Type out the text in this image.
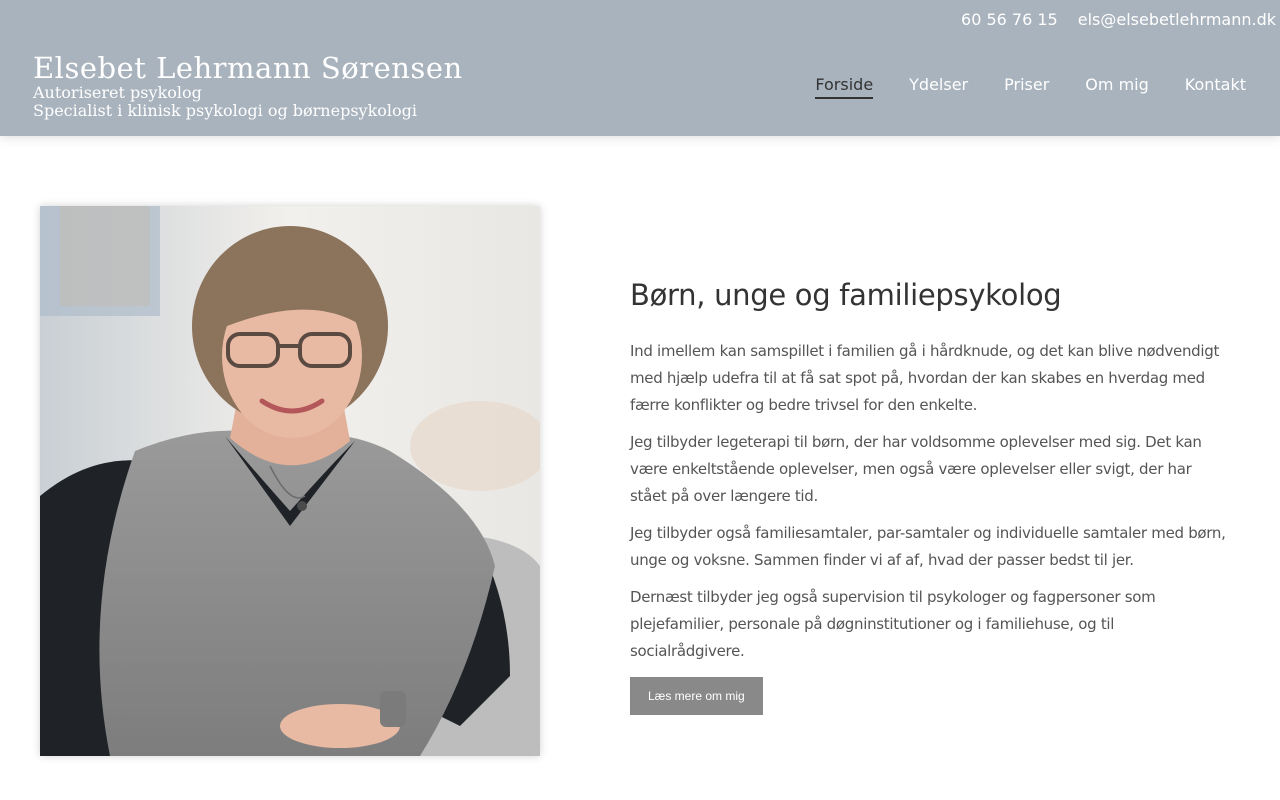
60 56 76 15 els@elsebetlehrmann.dk
Elsebet Lehrmann Sørensen
Autoriseret psykolog
Specialist i klinisk psykologi og børnepsykologi
Forside Ydelser Priser Om mig Kontakt
Børn, unge og familiepsykolog

Ind imellem kan samspillet i familien gå i hårdknude, og det kan blive nødvendigt med hjælp udefra til at få sat spot på, hvordan der kan skabes en hverdag med færre konflikter og bedre trivsel for den enkelte.

Jeg tilbyder legeterapi til børn, der har voldsomme oplevelser med sig. Det kan være enkeltstående oplevelser, men også være oplevelser eller svigt, der har stået på over længere tid.

Jeg tilbyder også familiesamtaler, par-samtaler og individuelle samtaler med børn, unge og voksne. Sammen finder vi af af, hvad der passer bedst til jer.

Dernæst tilbyder jeg også supervision til psykologer og fagpersoner som plejefamilier, personale på døgninstitutioner og i familiehuse, og til socialrådgivere.

Læs mere om mig
